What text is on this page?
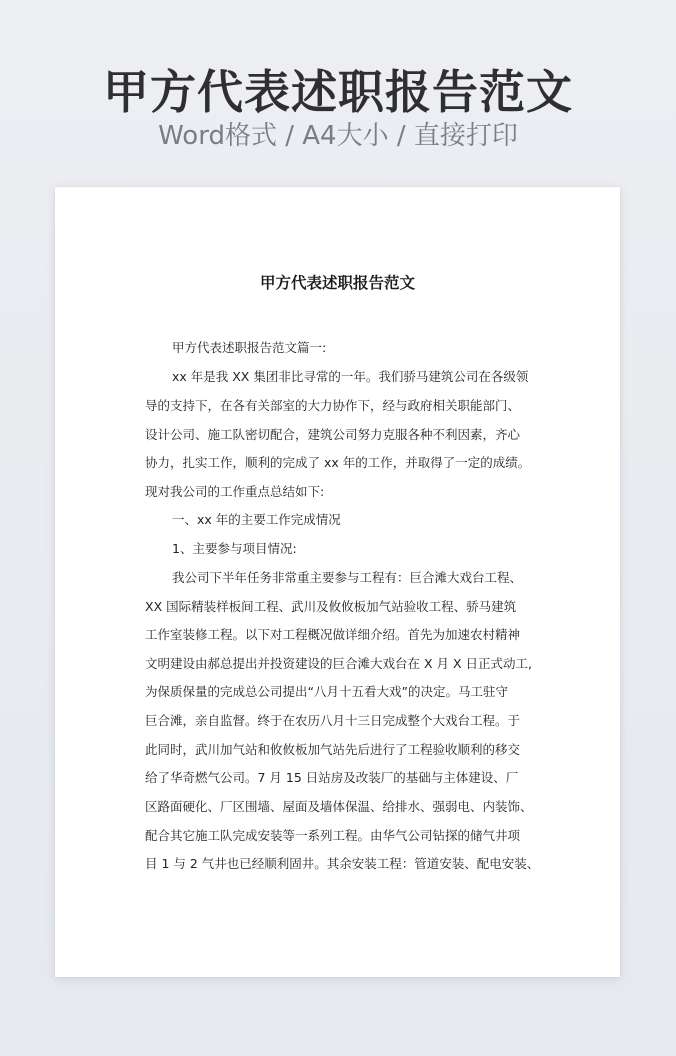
甲方代表述职报告范文
Word格式 / A4大小 / 直接打印
甲方代表述职报告范文
甲方代表述职报告范文篇一:
xx 年是我 XX 集团非比寻常的一年。我们骄马建筑公司在各级领
导的支持下，在各有关部室的大力协作下，经与政府相关职能部门、
设计公司、施工队密切配合，建筑公司努力克服各种不利因素，齐心
协力，扎实工作，顺利的完成了 xx 年的工作，并取得了一定的成绩。
现对我公司的工作重点总结如下:
一、xx 年的主要工作完成情况
1、主要参与项目情况:
我公司下半年任务非常重主要参与工程有：巨合滩大戏台工程、
XX 国际精装样板间工程、武川及攸攸板加气站验收工程、骄马建筑
工作室装修工程。以下对工程概况做详细介绍。首先为加速农村精神
文明建设由郝总提出并投资建设的巨合滩大戏台在 X 月 X 日正式动工,
为保质保量的完成总公司提出“八月十五看大戏”的决定。马工驻守
巨合滩，亲自监督。终于在农历八月十三日完成整个大戏台工程。于
此同时，武川加气站和攸攸板加气站先后进行了工程验收顺利的移交
给了华奇燃气公司。7 月 15 日站房及改装厂的基础与主体建设、厂
区路面硬化、厂区围墙、屋面及墙体保温、给排水、强弱电、内装饰、
配合其它施工队完成安装等一系列工程。由华气公司钻探的储气井项
目 1 与 2 气井也已经顺利固井。其余安装工程：管道安装、配电安装、
